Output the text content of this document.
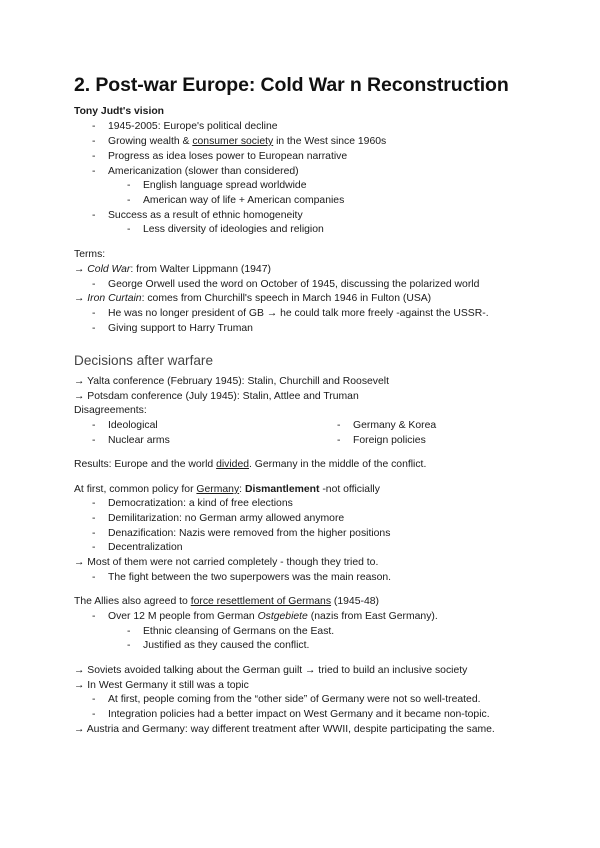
2. Post-war Europe: Cold War n Reconstruction
Tony Judt's vision
- 1945-2005: Europe's political decline
- Growing wealth & consumer society in the West since 1960s
- Progress as idea loses power to European narrative
- Americanization (slower than considered)
- English language spread worldwide
- American way of life + American companies
- Success as a result of ethnic homogeneity
- Less diversity of ideologies and religion
Terms:
→ Cold War: from Walter Lippmann (1947)
- George Orwell used the word on October of 1945, discussing the polarized world
→ Iron Curtain: comes from Churchill's speech in March 1946 in Fulton (USA)
- He was no longer president of GB → he could talk more freely -against the USSR-.
- Giving support to Harry Truman
Decisions after warfare
→ Yalta conference (February 1945): Stalin, Churchill and Roosevelt
→ Potsdam conference (July 1945): Stalin, Attlee and Truman
Disagreements:
- Ideological
- Nuclear arms
- Germany & Korea
- Foreign policies
Results: Europe and the world divided. Germany in the middle of the conflict.
At first, common policy for Germany: Dismantlement -not officially
- Democratization: a kind of free elections
- Demilitarization: no German army allowed anymore
- Denazification: Nazis were removed from the higher positions
- Decentralization
→ Most of them were not carried completely - though they tried to.
- The fight between the two superpowers was the main reason.
The Allies also agreed to force resettlement of Germans (1945-48)
- Over 12 M people from German Ostgebiete (nazis from East Germany).
- Ethnic cleansing of Germans on the East.
- Justified as they caused the conflict.
→ Soviets avoided talking about the German guilt → tried to build an inclusive society
→ In West Germany it still was a topic
- At first, people coming from the “other side” of Germany were not so well-treated.
- Integration policies had a better impact on West Germany and it became non-topic.
→ Austria and Germany: way different treatment after WWII, despite participating the same.
